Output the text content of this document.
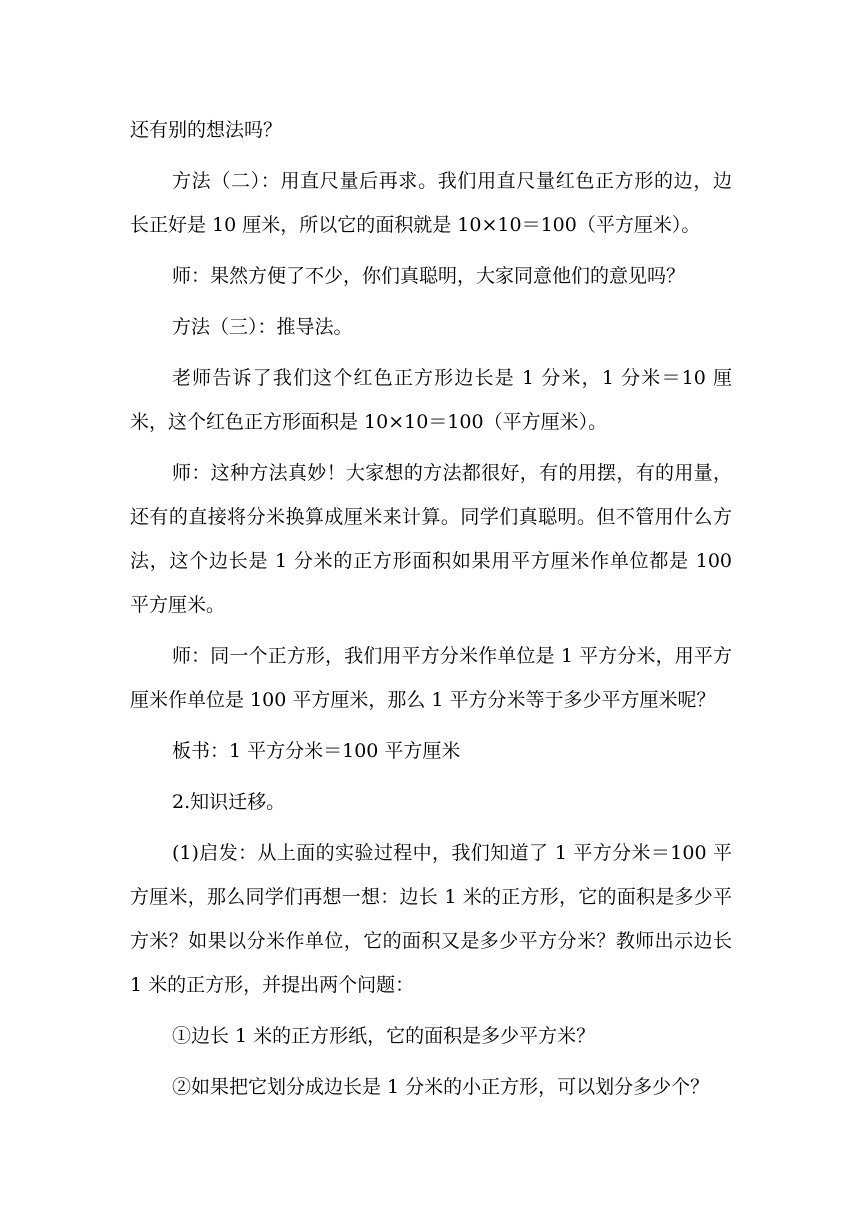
还有别的想法吗？

方法（二）：用直尺量后再求。我们用直尺量红色正方形的边，边长正好是 10 厘米，所以它的面积就是 10×10＝100（平方厘米）。

师：果然方便了不少，你们真聪明，大家同意他们的意见吗？

方法（三）：推导法。

老师告诉了我们这个红色正方形边长是 1 分米，1 分米＝10 厘米，这个红色正方形面积是 10×10＝100（平方厘米）。

师：这种方法真妙！大家想的方法都很好，有的用摆，有的用量，还有的直接将分米换算成厘米来计算。同学们真聪明。但不管用什么方法，这个边长是 1 分米的正方形面积如果用平方厘米作单位都是 100 平方厘米。

师：同一个正方形，我们用平方分米作单位是 1 平方分米，用平方厘米作单位是 100 平方厘米，那么 1 平方分米等于多少平方厘米呢？

板书：1 平方分米＝100 平方厘米

2.知识迁移。

(1)启发：从上面的实验过程中，我们知道了 1 平方分米＝100 平方厘米，那么同学们再想一想：边长 1 米的正方形，它的面积是多少平方米？如果以分米作单位，它的面积又是多少平方分米？教师出示边长 1 米的正方形，并提出两个问题：

①边长 1 米的正方形纸，它的面积是多少平方米？

②如果把它划分成边长是 1 分米的小正方形，可以划分多少个？
